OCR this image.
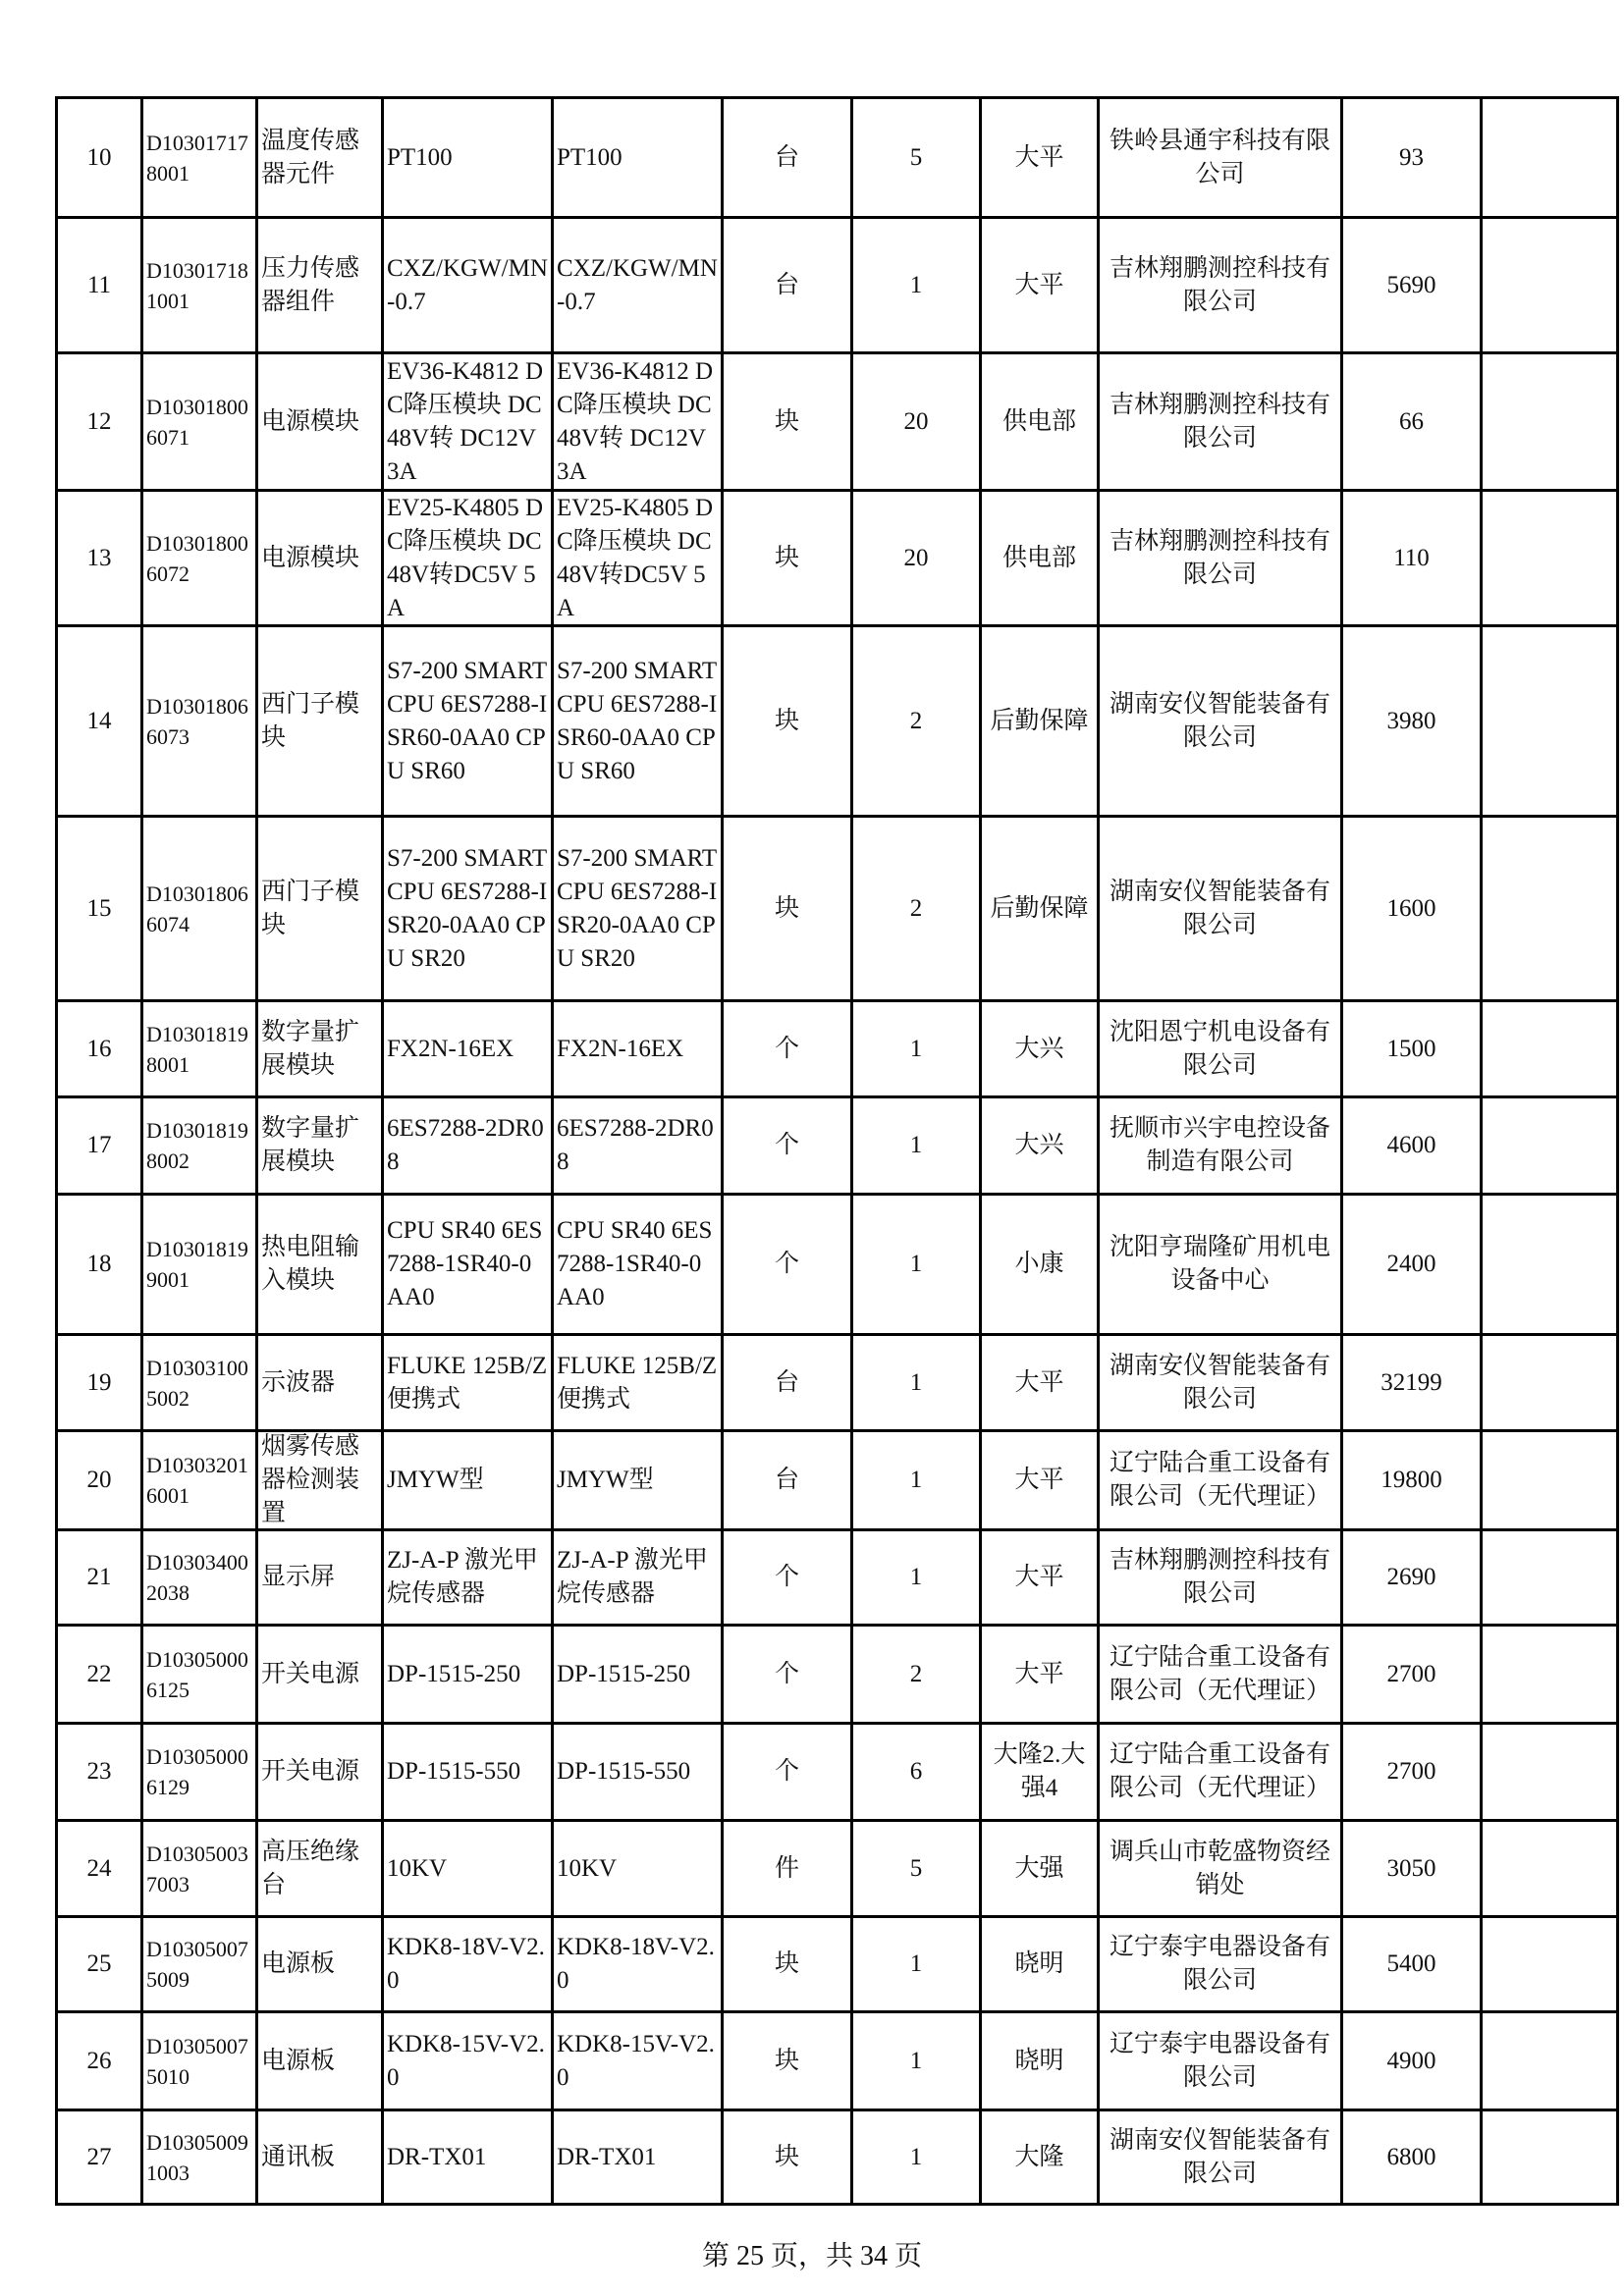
10	D103017178001	温度传感器元件	PT100	PT100	台	5	大平	铁岭县通宇科技有限公司	93	

11	D103017181001	压力传感器组件	CXZ/KGW/MN-0.7	CXZ/KGW/MN-0.7	台	1	大平	吉林翔鹏测控科技有限公司	5690	

12	D103018006071	电源模块	EV36-K4812 DC降压模块 DC48V转 DC12V 3A	EV36-K4812 DC降压模块 DC48V转 DC12V 3A	块	20	供电部	吉林翔鹏测控科技有限公司	66	

13	D103018006072	电源模块	EV25-K4805 DC降压模块 DC48V转DC5V 5A	EV25-K4805 DC降压模块 DC48V转DC5V 5A	块	20	供电部	吉林翔鹏测控科技有限公司	110	

14	D103018066073	西门子模块	S7-200 SMARTCPU 6ES7288-ISR60-0AA0 CPU SR60	S7-200 SMARTCPU 6ES7288-ISR60-0AA0 CPU SR60	块	2	后勤保障	湖南安仪智能装备有限公司	3980	

15	D103018066074	西门子模块	S7-200 SMARTCPU 6ES7288-ISR20-0AA0 CPU SR20	S7-200 SMARTCPU 6ES7288-ISR20-0AA0 CPU SR20	块	2	后勤保障	湖南安仪智能装备有限公司	1600	

16	D103018198001	数字量扩展模块	FX2N-16EX	FX2N-16EX	个	1	大兴	沈阳恩宁机电设备有限公司	1500	

17	D103018198002	数字量扩展模块	6ES7288-2DR08	6ES7288-2DR08	个	1	大兴	抚顺市兴宇电控设备制造有限公司	4600	

18	D103018199001	热电阻输入模块	CPU SR40 6ES7288-1SR40-0AA0	CPU SR40 6ES7288-1SR40-0AA0	个	1	小康	沈阳亨瑞隆矿用机电设备中心	2400	

19	D103031005002	示波器	FLUKE 125B/Z 便携式	FLUKE 125B/Z 便携式	台	1	大平	湖南安仪智能装备有限公司	32199	

20	D103032016001	烟雾传感器检测装置	JMYW型	JMYW型	台	1	大平	辽宁陆合重工设备有限公司（无代理证）	19800	

21	D103034002038	显示屏	ZJ-A-P 激光甲烷传感器	ZJ-A-P 激光甲烷传感器	个	1	大平	吉林翔鹏测控科技有限公司	2690	

22	D103050006125	开关电源	DP-1515-250	DP-1515-250	个	2	大平	辽宁陆合重工设备有限公司（无代理证）	2700	

23	D103050006129	开关电源	DP-1515-550	DP-1515-550	个	6	大隆2.大强4	辽宁陆合重工设备有限公司（无代理证）	2700	

24	D103050037003	高压绝缘台	10KV	10KV	件	5	大强	调兵山市乾盛物资经销处	3050	

25	D103050075009	电源板	KDK8-18V-V2.0	KDK8-18V-V2.0	块	1	晓明	辽宁泰宇电器设备有限公司	5400	

26	D103050075010	电源板	KDK8-15V-V2.0	KDK8-15V-V2.0	块	1	晓明	辽宁泰宇电器设备有限公司	4900	

27	D103050091003	通讯板	DR-TX01	DR-TX01	块	1	大隆	湖南安仪智能装备有限公司	6800	

第 25 页，共 34 页
